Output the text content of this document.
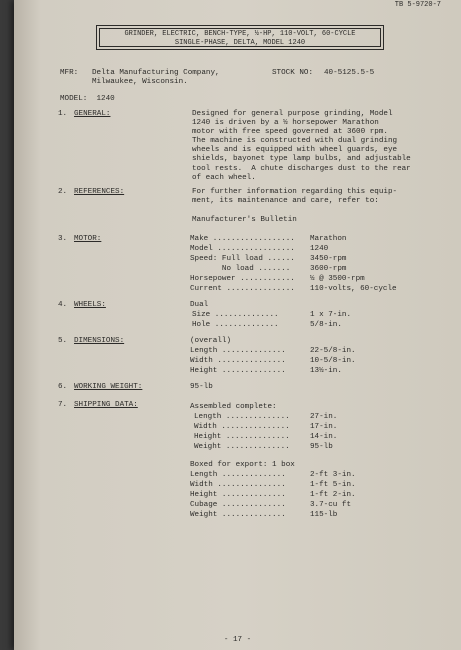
TB 5-9720-7
GRINDER, ELECTRIC, BENCH-TYPE, ½-HP, 110-VOLT, 60-CYCLE
SINGLE-PHASE, DELTA, MODEL 1240
MFR: Delta Manufacturing Company,
Milwaukee, Wisconsin.
STOCK NO: 40-5125.5-5
MODEL:  1240
1. GENERAL:	Designed for general purpose grinding, Model
1240 is driven by a ½ horsepower Marathon
motor with free speed governed at 3600 rpm.
The machine is constructed with dual grinding
wheels and is equipped with wheel guards, eye
shields, bayonet type lamp bulbs, and adjustable
tool rests.  A chute discharges dust to the rear
of each wheel.
2. REFERENCES:	For further information regarding this equip-
ment, its maintenance and care, refer to:
Manufacturer's Bulletin
3. MOTOR:	Make .................. Marathon
Model ................. 1240
Speed: Full load ...... 3450-rpm
No load .......	3600-rpm
Horsepower ............ ½ @ 3500-rpm
Current ............... 110-volts, 60-cycle
4. WHEELS:	Dual
Size ..............	1 x 7-in.
Hole ..............	5/8-in.
5. DIMENSIONS:	(overall)
Length ..............	22-5/8-in.
Width ...............	10-5/8-in.
Height ..............	13½-in.
6. WORKING WEIGHT:	95-lb
7. SHIPPING DATA:	Assembled complete:
Length ..............	27-in.
Width ...............	17-in.
Height ..............	14-in.
Weight ..............	95-lb
Boxed for export: 1 box
Length ..............	2-ft 3-in.
Width ...............	1-ft 5-in.
Height ..............	1-ft 2-in.
Cubage ..............	3.7-cu ft
Weight ..............	115-lb
- 17 -
